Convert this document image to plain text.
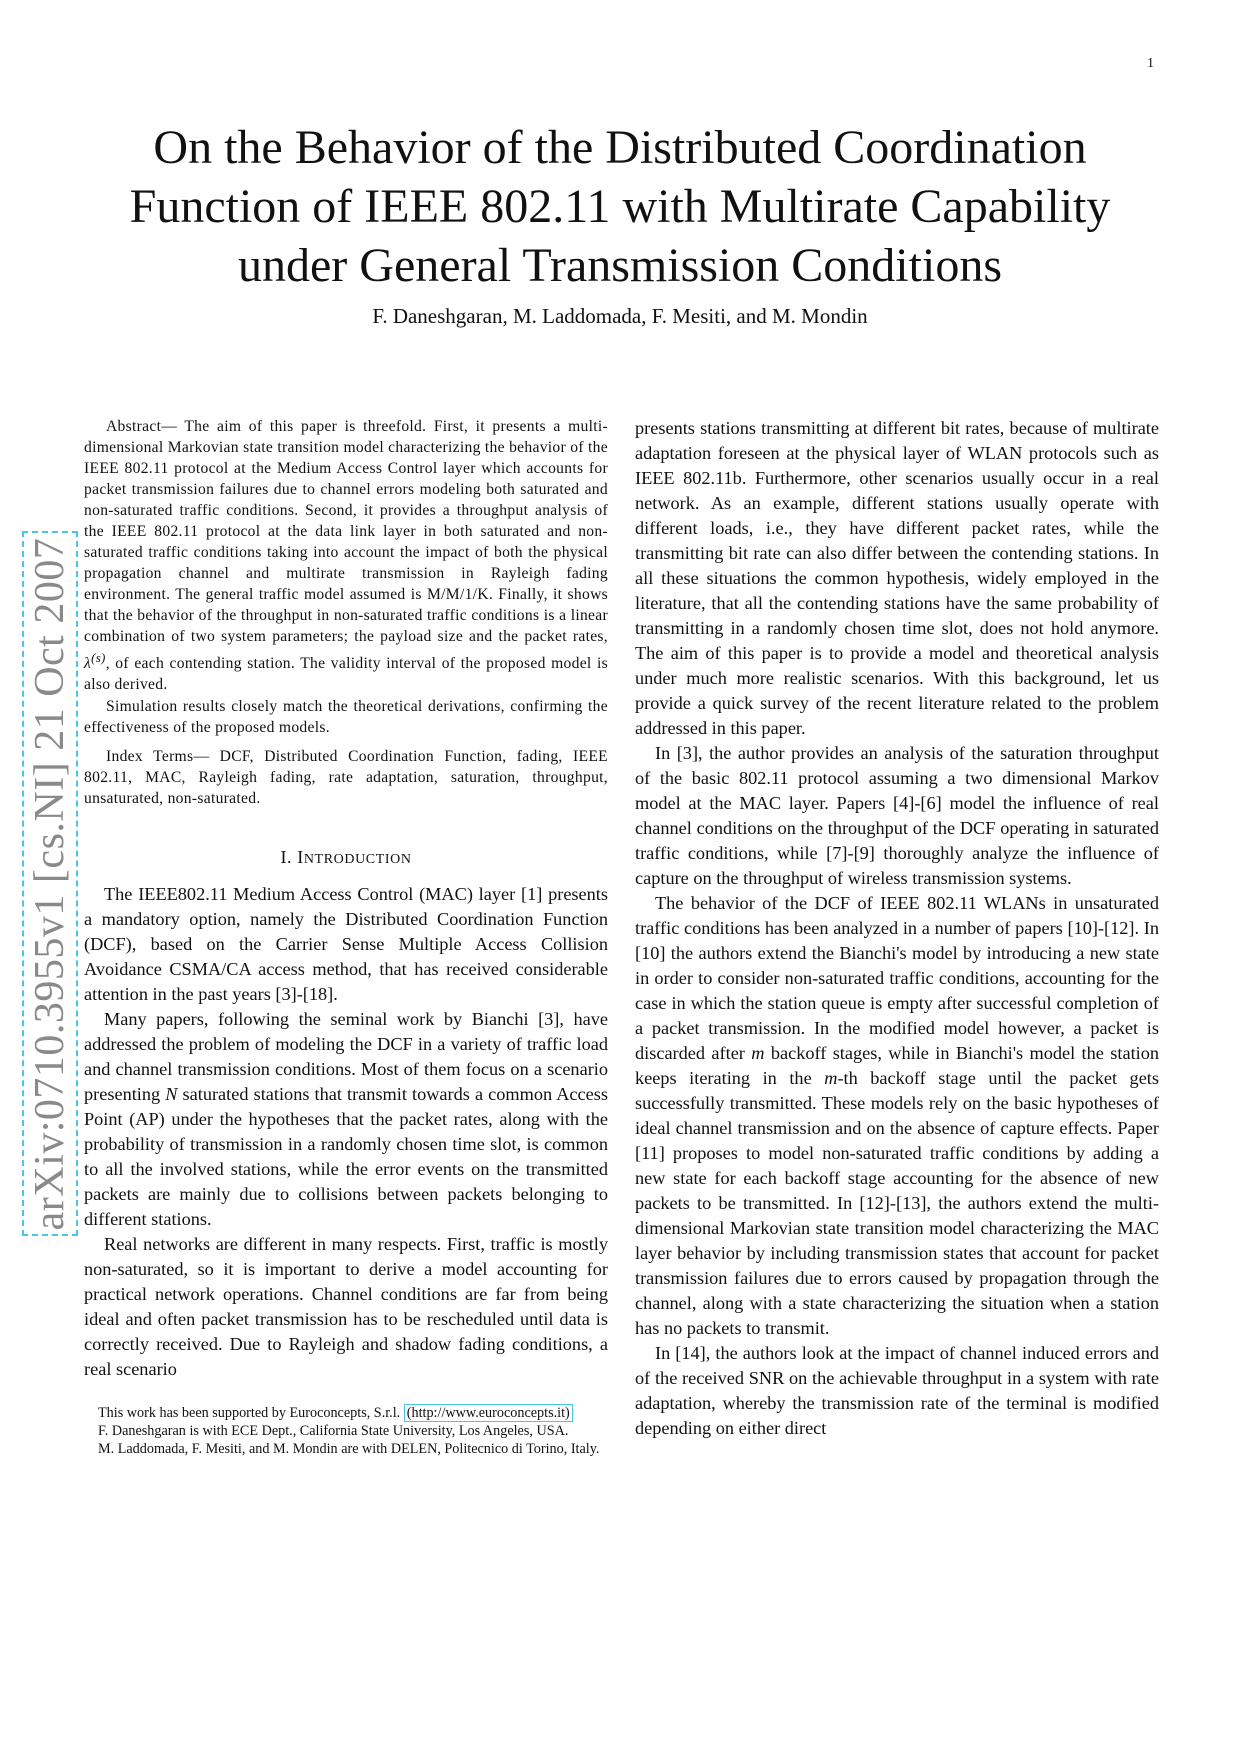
1
arXiv:0710.3955v1 [cs.NI] 21 Oct 2007
On the Behavior of the Distributed Coordination
Function of IEEE 802.11 with Multirate Capability
under General Transmission Conditions
F. Daneshgaran, M. Laddomada, F. Mesiti, and M. Mondin

Abstract— The aim of this paper is threefold. First, it presents a multi-dimensional Markovian state transition model characterizing the behavior of the IEEE 802.11 protocol at the Medium Access Control layer which accounts for packet transmission failures due to channel errors modeling both saturated and non-saturated traffic conditions. Second, it provides a throughput analysis of the IEEE 802.11 protocol at the data link layer in both saturated and non-saturated traffic conditions taking into account the impact of both the physical propagation channel and multirate transmission in Rayleigh fading environment. The general traffic model assumed is M/M/1/K. Finally, it shows that the behavior of the throughput in non-saturated traffic conditions is a linear combination of two system parameters; the payload size and the packet rates, $\lambda^{(s)}$, of each contending station. The validity interval of the proposed model is also derived.

Simulation results closely match the theoretical derivations, confirming the effectiveness of the proposed models.

Index Terms— DCF, Distributed Coordination Function, fading, IEEE 802.11, MAC, Rayleigh fading, rate adaptation, saturation, throughput, unsaturated, non-saturated.

I. INTRODUCTION

The IEEE802.11 Medium Access Control (MAC) layer [1] presents a mandatory option, namely the Distributed Coordination Function (DCF), based on the Carrier Sense Multiple Access Collision Avoidance CSMA/CA access method, that has received considerable attention in the past years [3]-[18].

Many papers, following the seminal work by Bianchi [3], have addressed the problem of modeling the DCF in a variety of traffic load and channel transmission conditions. Most of them focus on a scenario presenting N saturated stations that transmit towards a common Access Point (AP) under the hypotheses that the packet rates, along with the probability of transmission in a randomly chosen time slot, is common to all the involved stations, while the error events on the transmitted packets are mainly due to collisions between packets belonging to different stations.

Real networks are different in many respects. First, traffic is mostly non-saturated, so it is important to derive a model accounting for practical network operations. Channel conditions are far from being ideal and often packet transmission has to be rescheduled until data is correctly received. Due to Rayleigh and shadow fading conditions, a real scenario

This work has been supported by Euroconcepts, S.r.l. (http://www.euroconcepts.it)

F. Daneshgaran is with ECE Dept., California State University, Los Angeles, USA.

M. Laddomada, F. Mesiti, and M. Mondin are with DELEN, Politecnico di Torino, Italy.

presents stations transmitting at different bit rates, because of multirate adaptation foreseen at the physical layer of WLAN protocols such as IEEE 802.11b. Furthermore, other scenarios usually occur in a real network. As an example, different stations usually operate with different loads, i.e., they have different packet rates, while the transmitting bit rate can also differ between the contending stations. In all these situations the common hypothesis, widely employed in the literature, that all the contending stations have the same probability of transmitting in a randomly chosen time slot, does not hold anymore. The aim of this paper is to provide a model and theoretical analysis under much more realistic scenarios. With this background, let us provide a quick survey of the recent literature related to the problem addressed in this paper.

In [3], the author provides an analysis of the saturation throughput of the basic 802.11 protocol assuming a two dimensional Markov model at the MAC layer. Papers [4]-[6] model the influence of real channel conditions on the throughput of the DCF operating in saturated traffic conditions, while [7]-[9] thoroughly analyze the influence of capture on the throughput of wireless transmission systems.

The behavior of the DCF of IEEE 802.11 WLANs in unsaturated traffic conditions has been analyzed in a number of papers [10]-[12]. In [10] the authors extend the Bianchi's model by introducing a new state in order to consider non-saturated traffic conditions, accounting for the case in which the station queue is empty after successful completion of a packet transmission. In the modified model however, a packet is discarded after m backoff stages, while in Bianchi's model the station keeps iterating in the m-th backoff stage until the packet gets successfully transmitted. These models rely on the basic hypotheses of ideal channel transmission and on the absence of capture effects. Paper [11] proposes to model non-saturated traffic conditions by adding a new state for each backoff stage accounting for the absence of new packets to be transmitted. In [12]-[13], the authors extend the multi-dimensional Markovian state transition model characterizing the MAC layer behavior by including transmission states that account for packet transmission failures due to errors caused by propagation through the channel, along with a state characterizing the situation when a station has no packets to transmit.

In [14], the authors look at the impact of channel induced errors and of the received SNR on the achievable throughput in a system with rate adaptation, whereby the transmission rate of the terminal is modified depending on either direct
